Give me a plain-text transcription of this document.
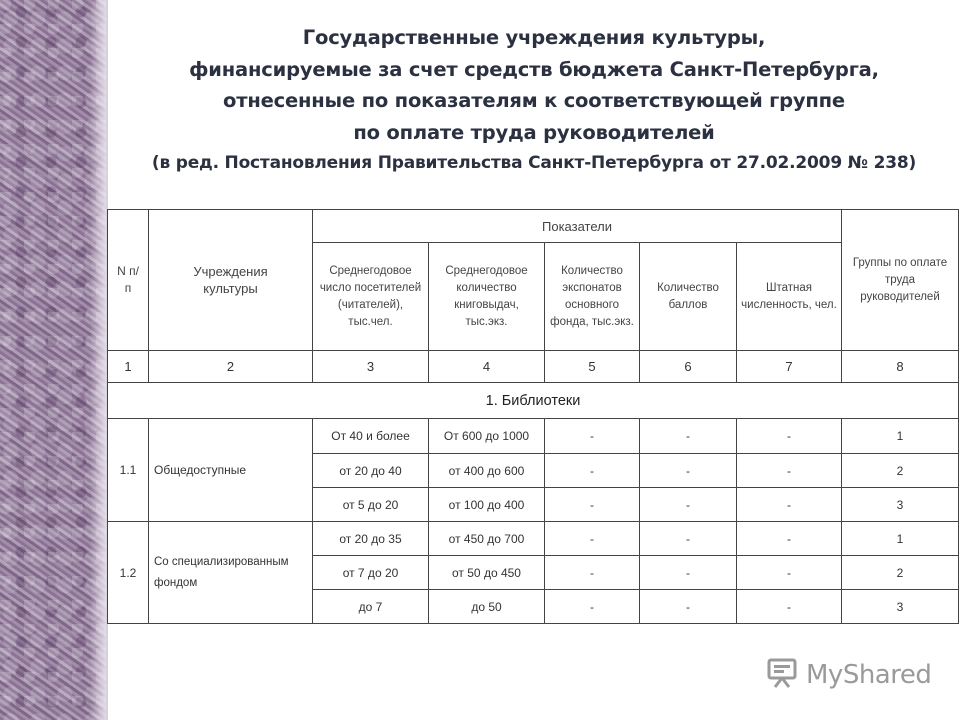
Государственные учреждения культуры,
финансируемые за счет средств бюджета Санкт-Петербурга,
отнесенные по показателям к соответствующей группе
по оплате труда руководителей
(в ред. Постановления Правительства Санкт-Петербурга от 27.02.2009 № 238)
N п/п	Учреждения культуры	Показатели					Группы по оплате труда руководителей
		Среднегодовое число посетителей (читателей), тыс.чел.	Среднегодовое количество книговыдач, тыс.экз.	Количество экспонатов основного фонда, тыс.экз.	Количество баллов	Штатная численность, чел.	
1	2	3	4	5	6	7	8
1. Библиотеки							
1.1	Общедоступные	От 40 и более	От 600 до 1000	-	-	-	1
		от 20 до 40	от 400 до 600	-	-	-	2
		от 5 до 20	от 100 до 400	-	-	-	3
1.2	Со специализированным фондом	от 20 до 35	от 450 до 700	-	-	-	1
		от 7 до 20	от 50 до 450	-	-	-	2
		до 7	до 50	-	-	-	3
MyShared
